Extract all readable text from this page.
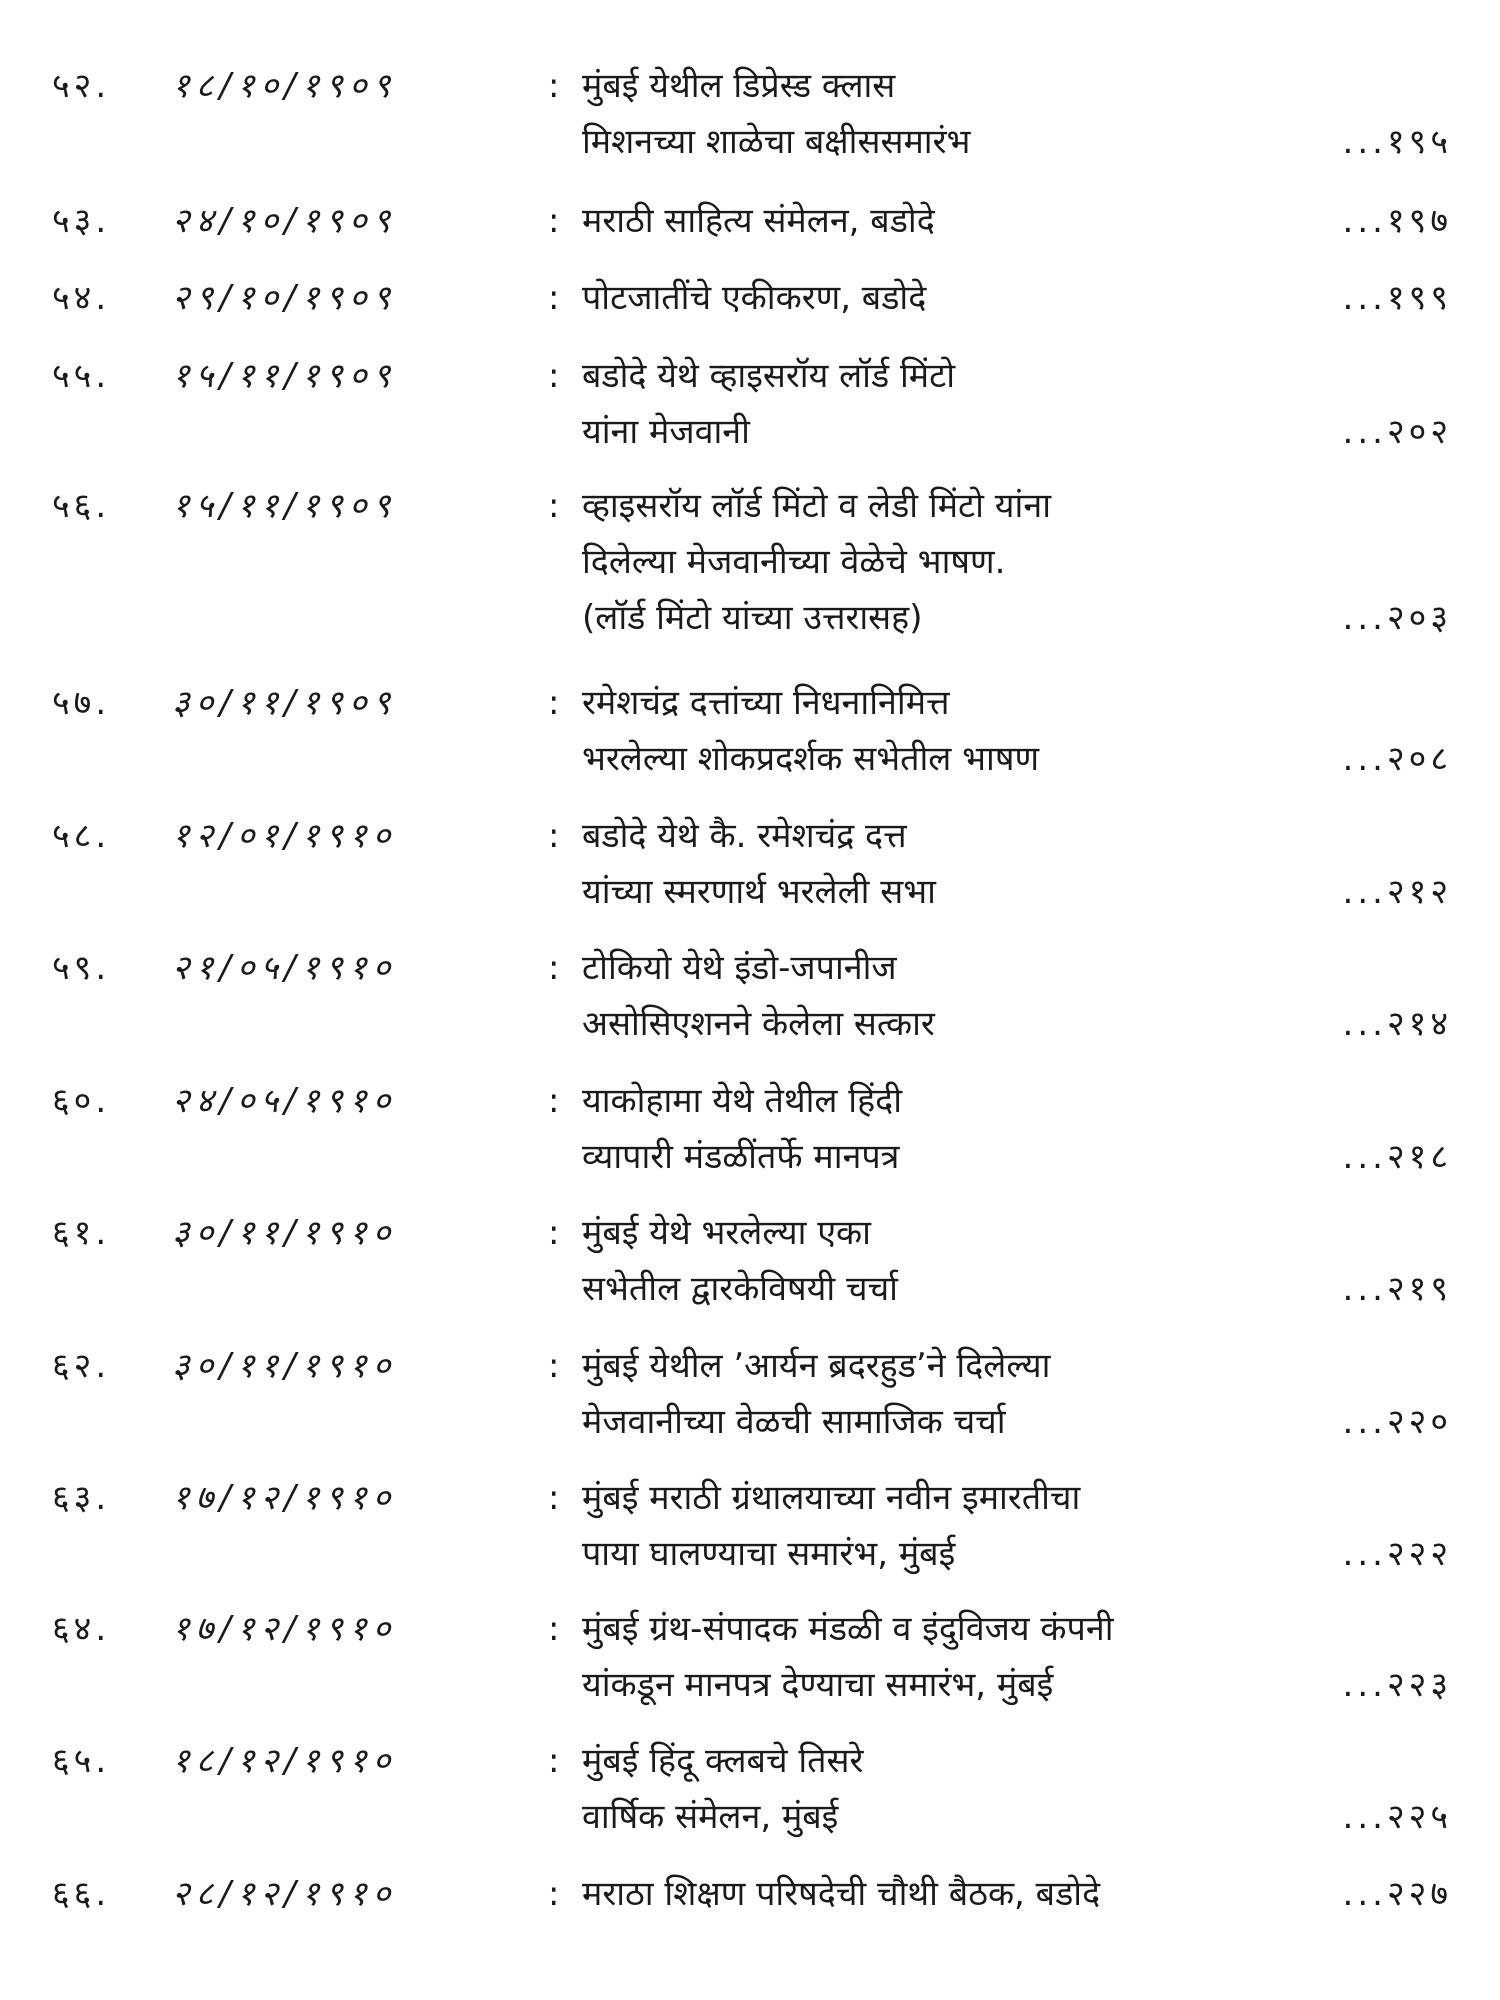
५२.	१८/१०/१९०९	: मुंबई येथील डिप्रेस्ड क्लास
मिशनच्या शाळेचा बक्षीससमारंभ	...१९५
५३.	२४/१०/१९०९	: मराठी साहित्य संमेलन, बडोदे	...१९७
५४.	२९/१०/१९०९	: पोटजातींचे एकीकरण, बडोदे	...१९९
५५.	१५/११/१९०९	: बडोदे येथे व्हाइसरॉय लॉर्ड मिंटो
यांना मेजवानी	...२०२
५६.	१५/११/१९०९	: व्हाइसरॉय लॉर्ड मिंटो व लेडी मिंटो यांना
दिलेल्या मेजवानीच्या वेळेचे भाषण.
(लॉर्ड मिंटो यांच्या उत्तरासह)	...२०३
५७.	३०/११/१९०९	: रमेशचंद्र दत्तांच्या निधनानिमित्त
भरलेल्या शोकप्रदर्शक सभेतील भाषण	...२०८
५८.	१२/०१/१९१०	: बडोदे येथे कै. रमेशचंद्र दत्त
यांच्या स्मरणार्थ भरलेली सभा	...२१२
५९.	२१/०५/१९१०	: टोकियो येथे इंडो-जपानीज
असोसिएशनने केलेला सत्कार	...२१४
६०.	२४/०५/१९१०	: याकोहामा येथे तेथील हिंदी
व्यापारी मंडळींतर्फे मानपत्र	...२१८
६१.	३०/११/१९१०	: मुंबई येथे भरलेल्या एका
सभेतील द्वारकेविषयी चर्चा	...२१९
६२.	३०/११/१९१०	: मुंबई येथील ’आर्यन ब्रदरहुड’ने दिलेल्या
मेजवानीच्या वेळची सामाजिक चर्चा	...२२०
६३.	१७/१२/१९१०	: मुंबई मराठी ग्रंथालयाच्या नवीन इमारतीचा
पाया घालण्याचा समारंभ, मुंबई	...२२२
६४.	१७/१२/१९१०	: मुंबई ग्रंथ-संपादक मंडळी व इंदुविजय कंपनी
यांकडून मानपत्र देण्याचा समारंभ, मुंबई	...२२३
६५.	१८/१२/१९१०	: मुंबई हिंदू क्लबचे तिसरे
वार्षिक संमेलन, मुंबई	...२२५
६६.	२८/१२/१९१०	: मराठा शिक्षण परिषदेची चौथी बैठक, बडोदे	...२२७
